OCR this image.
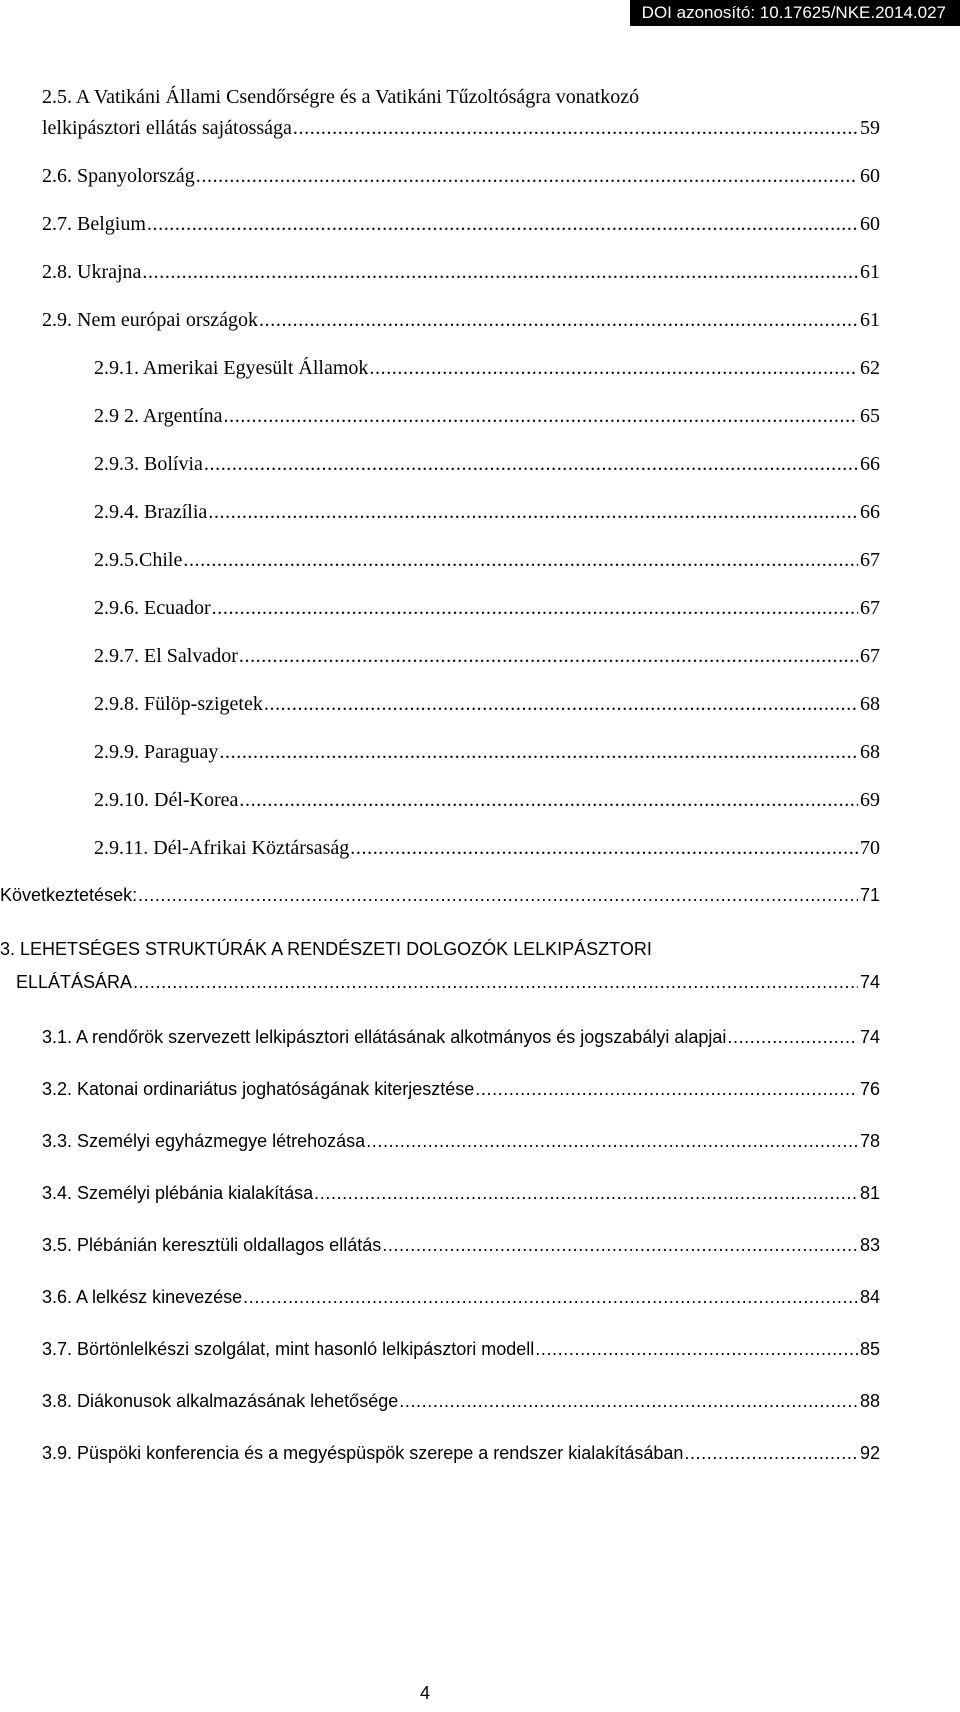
DOI azonosító: 10.17625/NKE.2014.027
2.5. A Vatikáni Állami Csendőrségre és a Vatikáni Tűzoltóságra vonatkozó
lelkipásztori ellátás sajátossága . . .	59
2.6. Spanyolország . . .	60
2.7. Belgium . . .	60
2.8. Ukrajna . . .	61
2.9. Nem európai országok . . .	61
2.9.1. Amerikai Egyesült Államok . . .	62
2.9 2. Argentína . . .	65
2.9.3. Bolívia . . .	66
2.9.4. Brazília . . .	66
2.9.5.Chile . . .	67
2.9.6. Ecuador . . .	67
2.9.7. El Salvador . . .	67
2.9.8. Fülöp-szigetek . . .	68
2.9.9. Paraguay . . .	68
2.9.10. Dél-Korea . . .	69
2.9.11. Dél-Afrikai Köztársaság . . .	70
Következtetések: . . .	71
3. LEHETSÉGES STRUKTÚRÁK A RENDÉSZETI DOLGOZÓK LELKIPÁSZTORI
ELLÁTÁSÁRA . . .	74
3.1. A rendőrök szervezett lelkipásztori ellátásának alkotmányos és jogszabályi alapjai . . .	74
3.2. Katonai ordinariátus joghatóságának kiterjesztése . . .	76
3.3. Személyi egyházmegye létrehozása . . .	78
3.4. Személyi plébánia kialakítása . . .	81
3.5. Plébánián keresztüli oldallagos ellátás . . .	83
3.6. A lelkész kinevezése . . .	84
3.7. Börtönlelkészi szolgálat, mint hasonló lelkipásztori modell . . .	85
3.8. Diákonusok alkalmazásának lehetősége . . .	88
3.9. Püspöki konferencia és a megyéspüspök szerepe a rendszer kialakításában . . .	92
4
